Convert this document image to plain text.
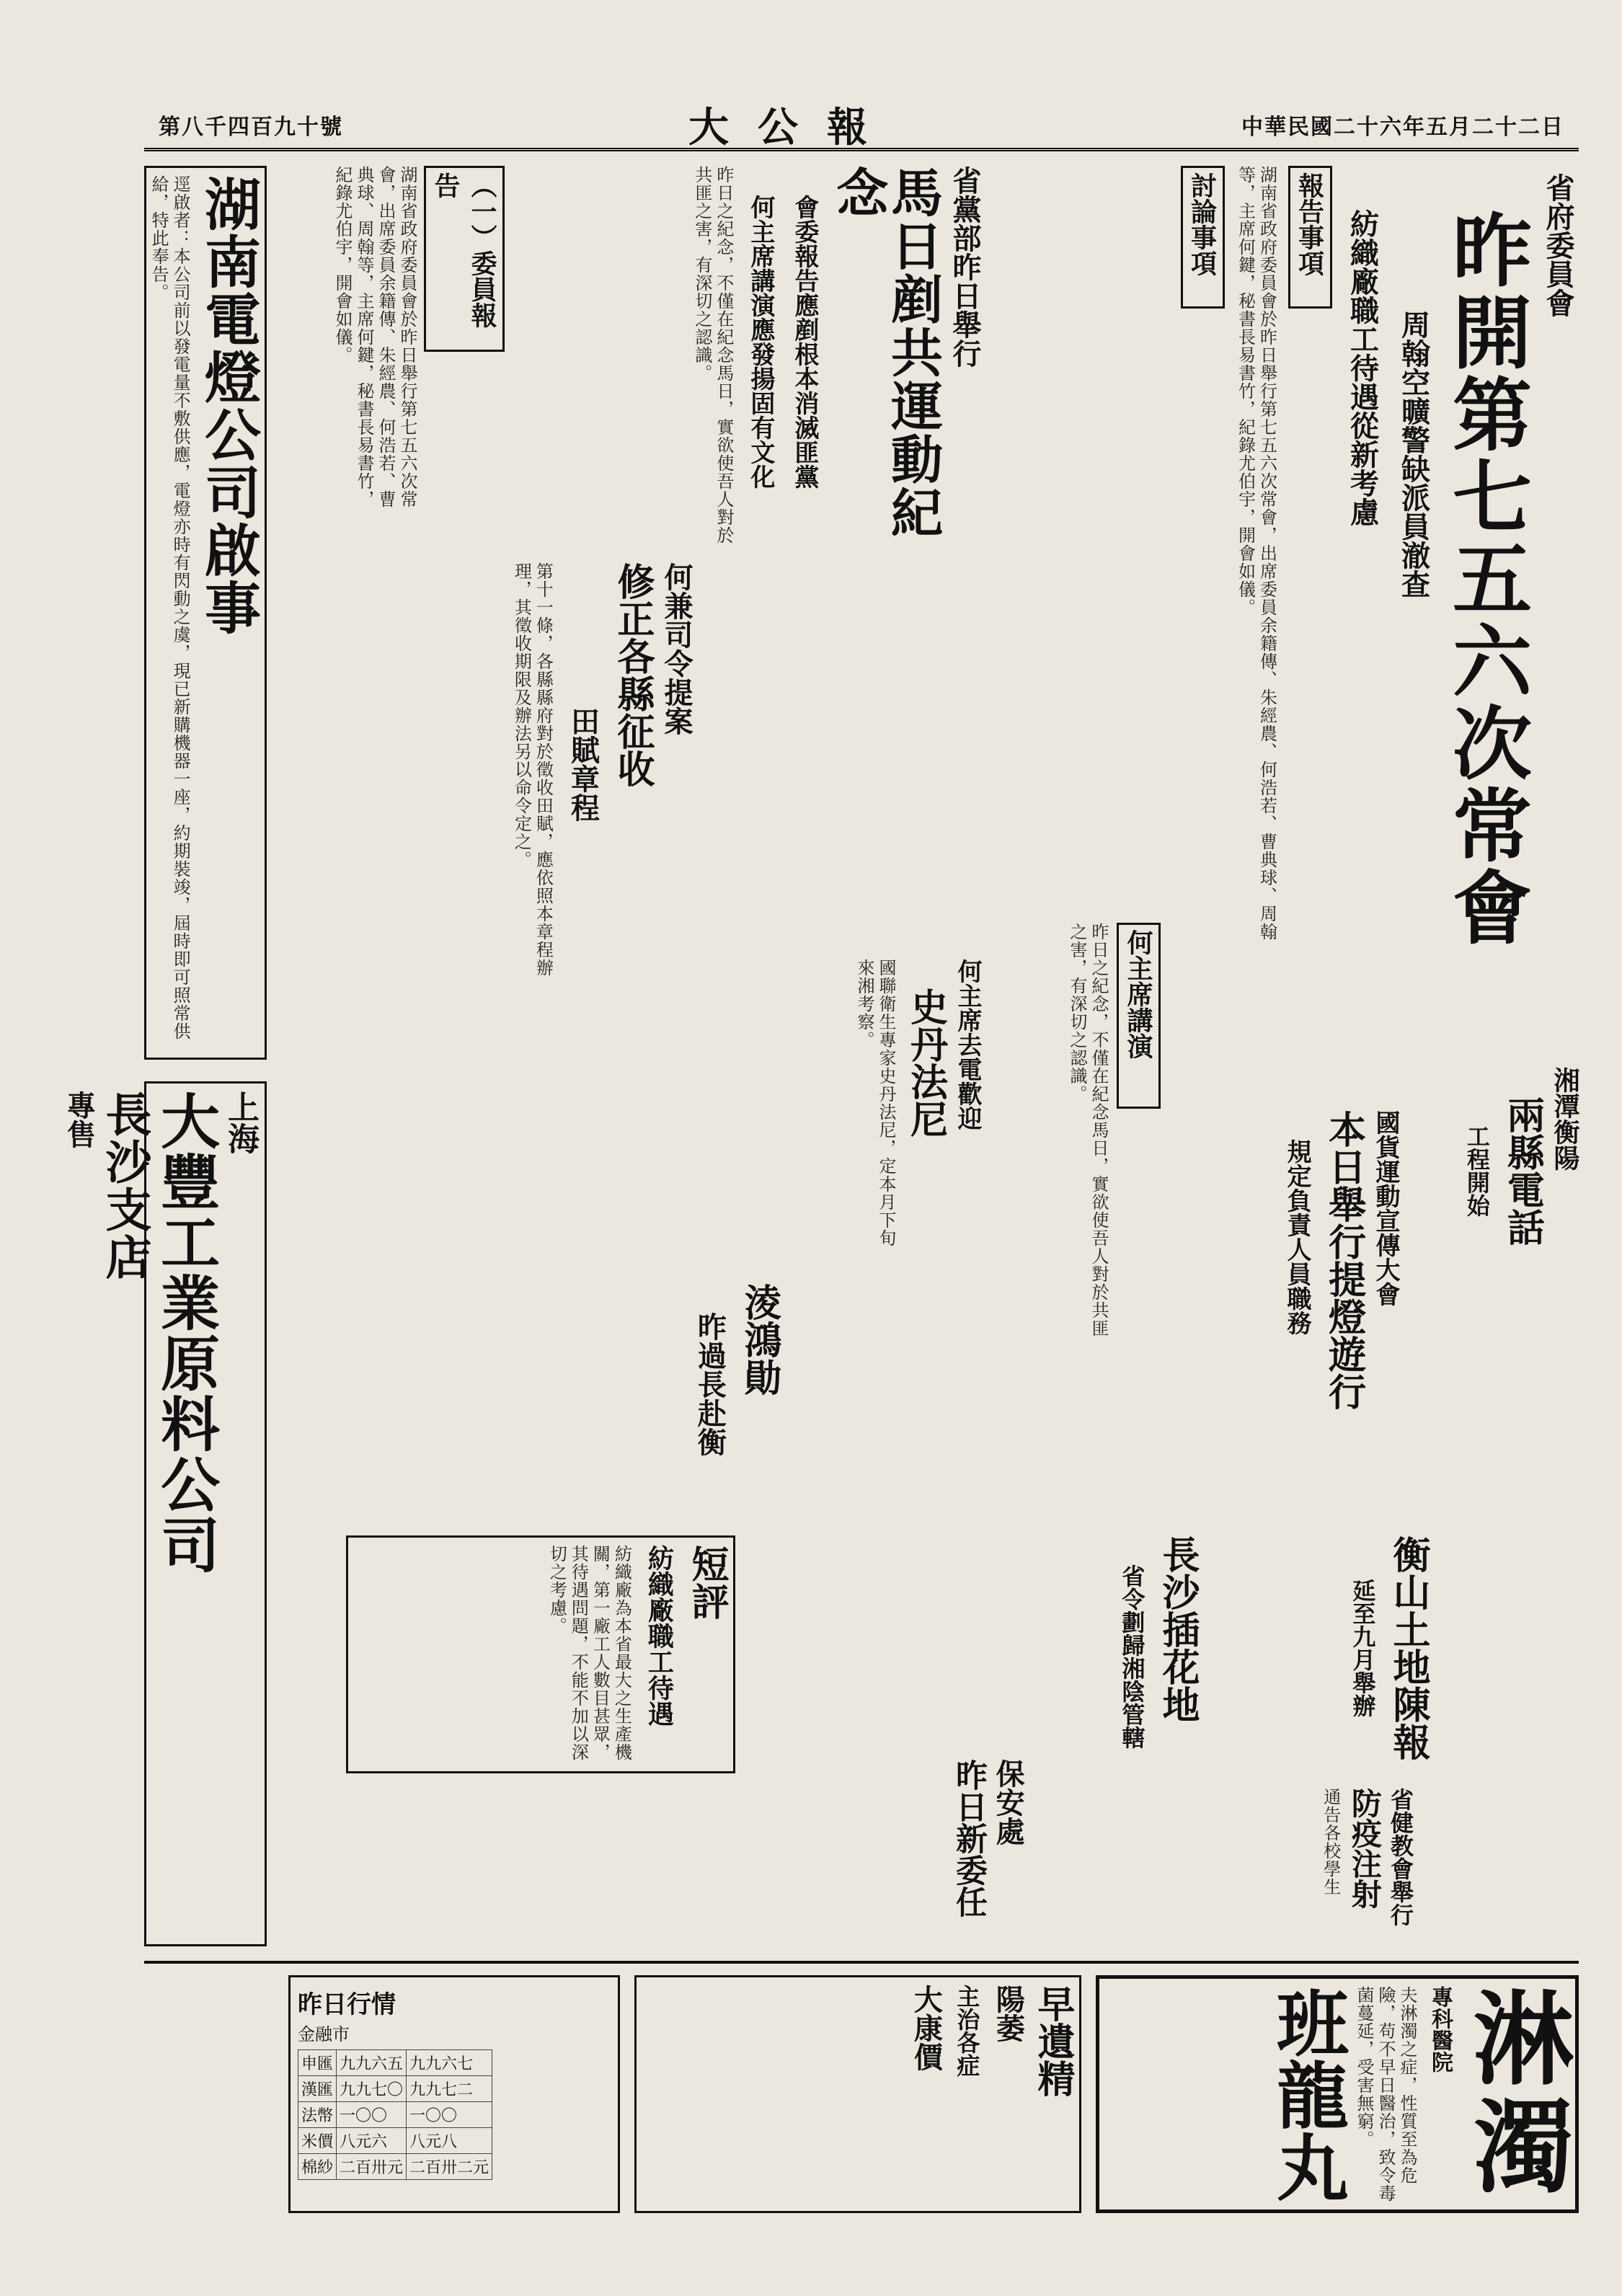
中華民國二十六年五月二十二日
大公報
第八千四百九十號
湖南電燈公司啟事
逕啟者：本公司前以發電量不敷供應，電燈亦時有閃動之虞，現已新購機器一座，約期裝竣，屆時即可照常供給，特此奉告。	省府委員會
昨開第七五六次常會
周翰空曠警缺派員澈查
紡織廠職工待遇從新考慮
報告事項
湖南省政府委員會於昨日舉行第七五六次常會，出席委員余籍傳、朱經農、何浩若、曹典球、周翰等，主席何鍵，秘書長易書竹，紀錄尤伯宇，開會如儀。
討論事項
（一）委員報告
湖南省政府委員會於昨日舉行第七五六次常會，出席委員余籍傳、朱經農、何浩若、曹典球、周翰等，主席何鍵，秘書長易書竹，紀錄尤伯宇，開會如儀。	省黨部昨日舉行
馬日剷共運動紀念
會委報告應剷根本消滅匪黨
何主席講演應發揚固有文化
昨日之紀念，不僅在紀念馬日，實欲使吾人對於共匪之害，有深切之認識。
何兼司令提案
修正各縣征收
田賦章程
第十一條，各縣縣府對於徵收田賦，應依照本章程辦理，其徵收期限及辦法另以命令定之。
何主席講演
昨日之紀念，不僅在紀念馬日，實欲使吾人對於共匪之害，有深切之認識。
國貨運動宣傳大會
本日舉行提燈遊行
規定負責人員職務
湘潭衡陽
兩縣電話
工程開始
何主席去電歡迎
史丹法尼
國聯衛生專家史丹法尼，定本月下旬來湘考察。
淩鴻勛
昨過長赴衡
衡山土地陳報
延至九月舉辦
長沙插花地
省令劃歸湘陰管轄
短評
紡織廠職工待遇
紡織廠為本省最大之生產機關，第一廠工人數目甚眾，其待遇問題，不能不加以深切之考慮。
上海
大豐工業原料公司
長沙支店
專售
保安處
昨日新委任	省健教會舉行
防疫注射
通告各校學生
昨日行情
金融市
申匯	九九六五	九九六七
漢匯	九九七〇	九九七二
法幣	一〇〇	一〇〇
米價	八元六	八元八
棉紗	二百卅元	二百卅二元
早遺精
陽萎
主治各症
大康價	淋濁
專科醫院
夫淋濁之症，性質至為危險，苟不早日醫治，致令毒菌蔓延，受害無窮。
班龍丸
